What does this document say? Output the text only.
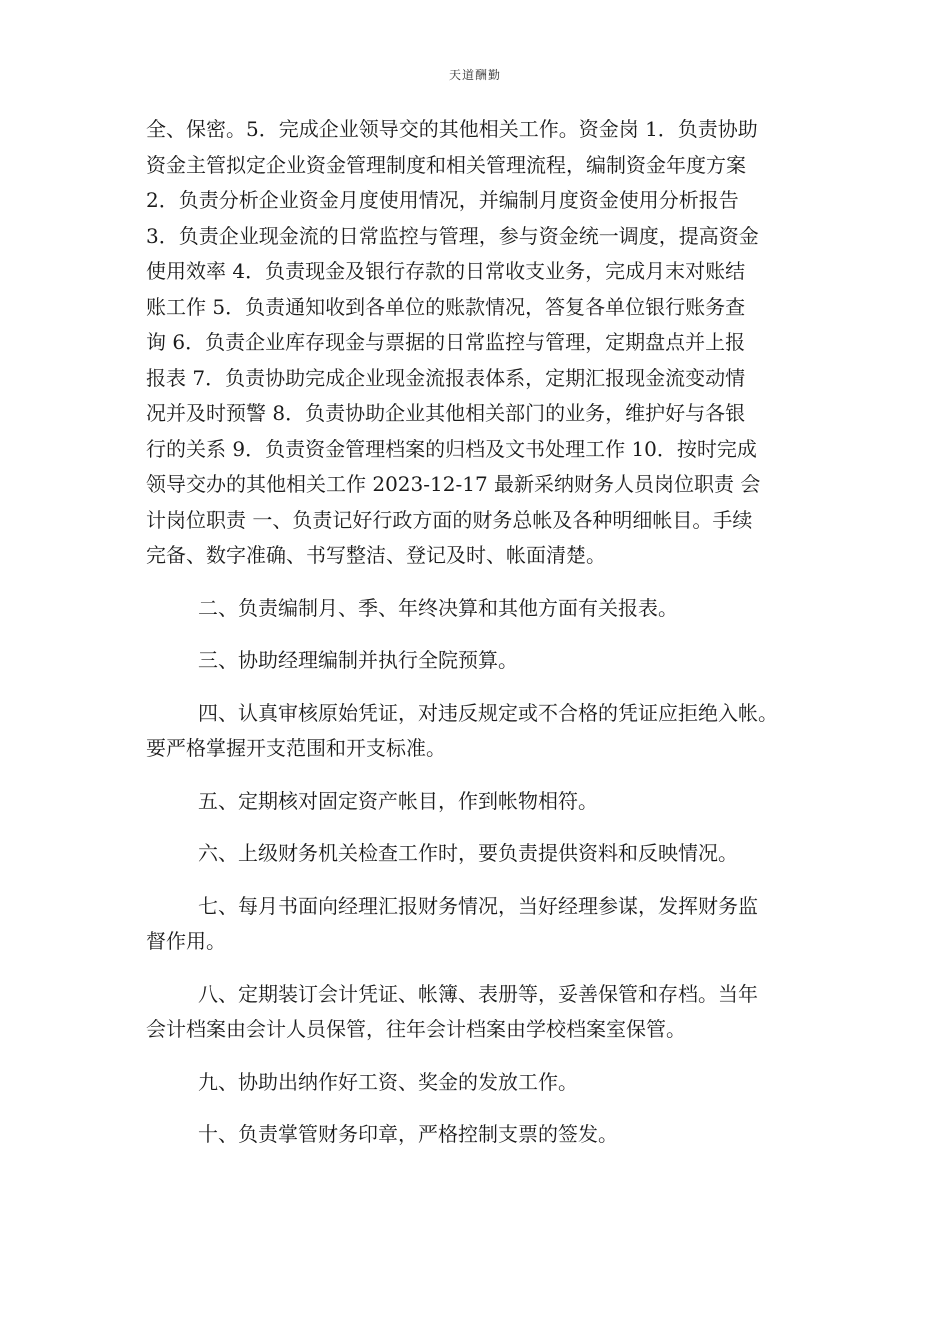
天道酬勤
全、保密。5．完成企业领导交的其他相关工作。资金岗 1．负责协助
资金主管拟定企业资金管理制度和相关管理流程，编制资金年度方案
2．负责分析企业资金月度使用情况，并编制月度资金使用分析报告
3．负责企业现金流的日常监控与管理，参与资金统一调度，提高资金
使用效率 4．负责现金及银行存款的日常收支业务，完成月末对账结
账工作 5．负责通知收到各单位的账款情况，答复各单位银行账务查
询 6．负责企业库存现金与票据的日常监控与管理，定期盘点并上报
报表 7．负责协助完成企业现金流报表体系，定期汇报现金流变动情
况并及时预警 8．负责协助企业其他相关部门的业务，维护好与各银
行的关系 9．负责资金管理档案的归档及文书处理工作 10．按时完成
领导交办的其他相关工作 2023-12-17 最新采纳财务人员岗位职责 会
计岗位职责 一、负责记好行政方面的财务总帐及各种明细帐目。手续
完备、数字准确、书写整洁、登记及时、帐面清楚。
二、负责编制月、季、年终决算和其他方面有关报表。
三、协助经理编制并执行全院预算。
四、认真审核原始凭证，对违反规定或不合格的凭证应拒绝入帐。
要严格掌握开支范围和开支标准。
五、定期核对固定资产帐目，作到帐物相符。
六、上级财务机关检查工作时，要负责提供资料和反映情况。
七、每月书面向经理汇报财务情况，当好经理参谋，发挥财务监
督作用。
八、定期装订会计凭证、帐簿、表册等，妥善保管和存档。当年
会计档案由会计人员保管，往年会计档案由学校档案室保管。
九、协助出纳作好工资、奖金的发放工作。
十、负责掌管财务印章，严格控制支票的签发。
